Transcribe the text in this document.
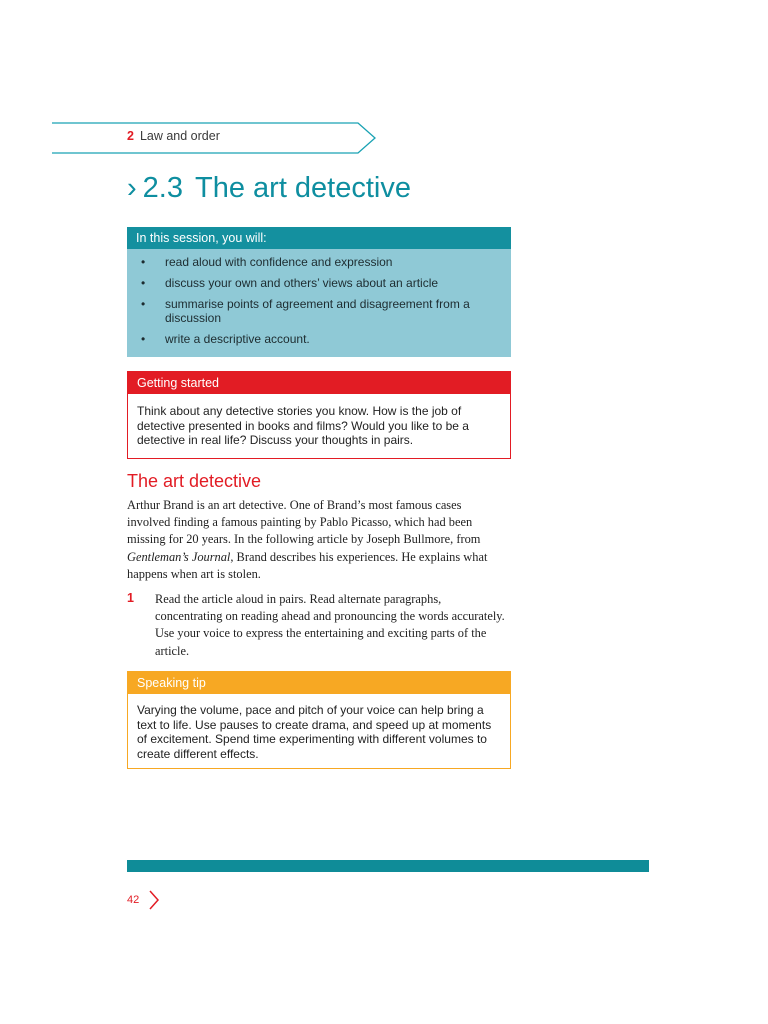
2 Law and order
› 2.3 The art detective
In this session, you will:
• read aloud with confidence and expression
• discuss your own and others’ views about an article
• summarise points of agreement and disagreement from a discussion
• write a descriptive account.
Getting started
Think about any detective stories you know. How is the job of detective presented in books and films? Would you like to be a detective in real life? Discuss your thoughts in pairs.
The art detective
Arthur Brand is an art detective. One of Brand’s most famous cases involved finding a famous painting by Pablo Picasso, which had been missing for 20 years. In the following article by Joseph Bullmore, from Gentleman’s Journal, Brand describes his experiences. He explains what happens when art is stolen.
1 Read the article aloud in pairs. Read alternate paragraphs, concentrating on reading ahead and pronouncing the words accurately. Use your voice to express the entertaining and exciting parts of the article.
Speaking tip
Varying the volume, pace and pitch of your voice can help bring a text to life. Use pauses to create drama, and speed up at moments of excitement. Spend time experimenting with different volumes to create different effects.
42
